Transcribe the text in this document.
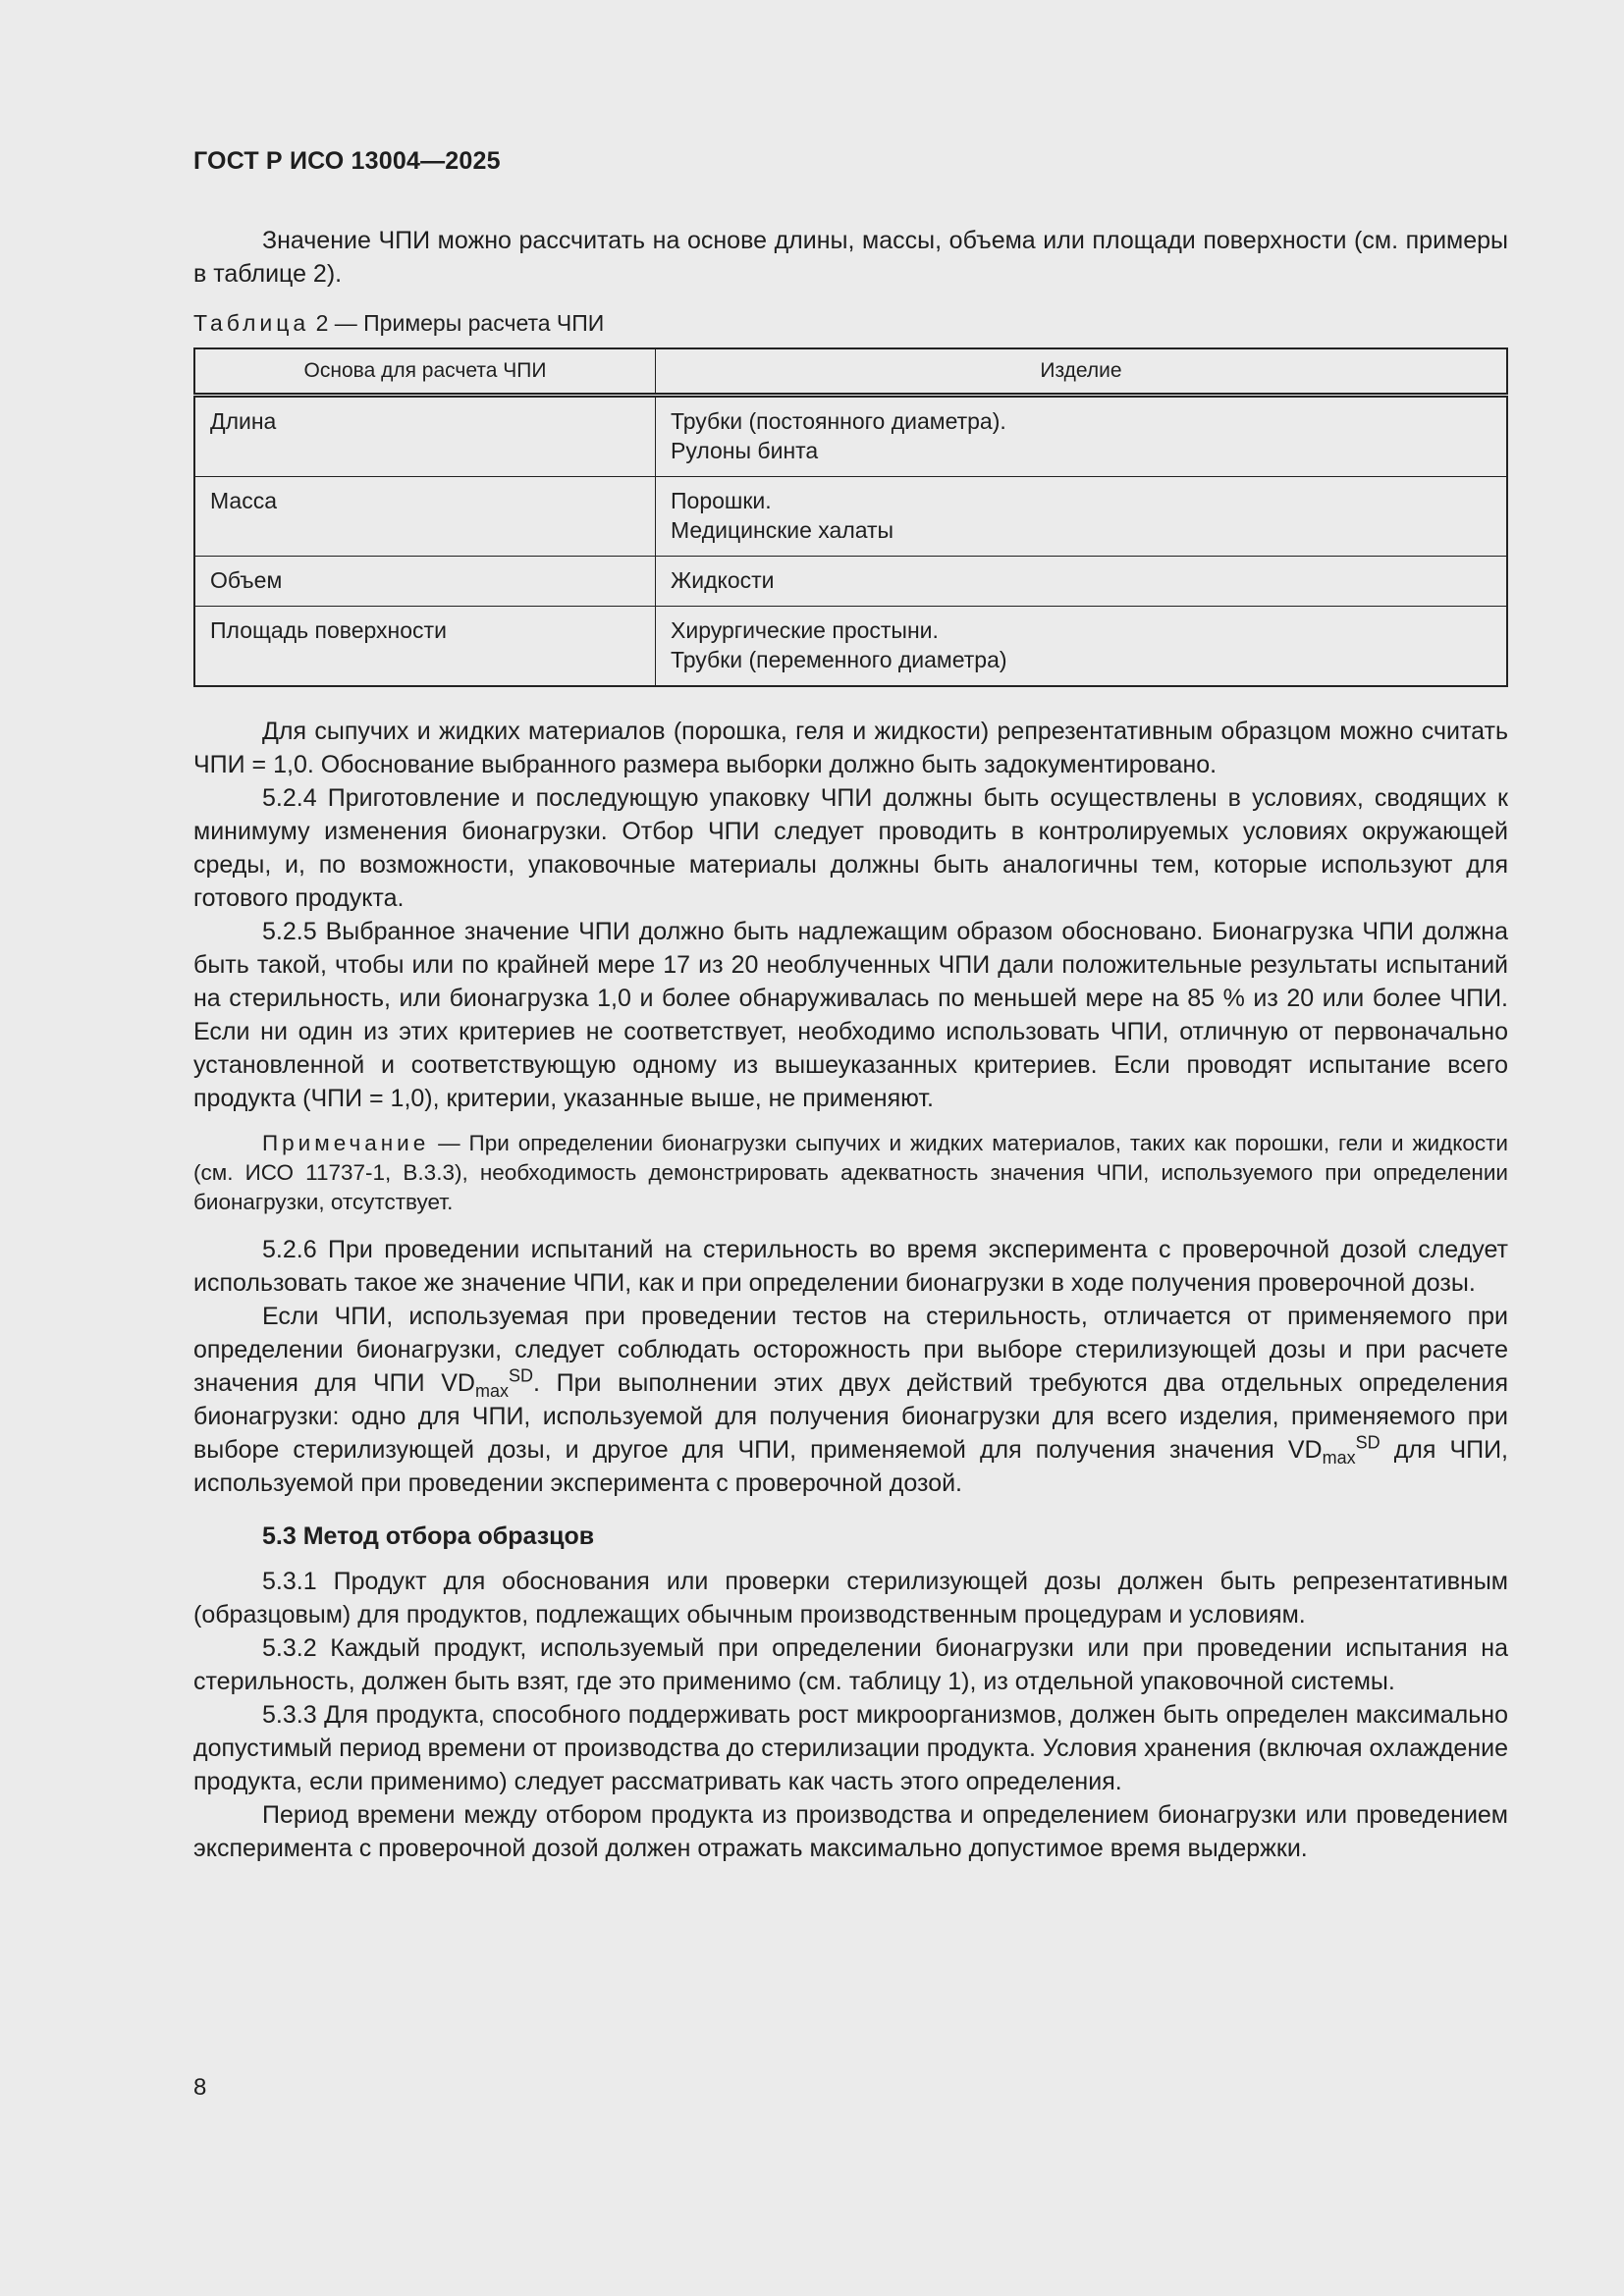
ГОСТ Р ИСО 13004—2025

Значение ЧПИ можно рассчитать на основе длины, массы, объема или площади поверхности (см. примеры в таблице 2).

Таблица 2 — Примеры расчета ЧПИ
Основа для расчета ЧПИ	Изделие
Длина	Трубки (постоянного диаметра).
Рулоны бинта

Масса	Порошки.
Медицинские халаты

Объем	Жидкости

Площадь поверхности	Хирургические простыни.
Трубки (переменного диаметра)

Для сыпучих и жидких материалов (порошка, геля и жидкости) репрезентативным образцом можно считать ЧПИ = 1,0. Обоснование выбранного размера выборки должно быть задокументировано.

5.2.4 Приготовление и последующую упаковку ЧПИ должны быть осуществлены в условиях, сводящих к минимуму изменения бионагрузки. Отбор ЧПИ следует проводить в контролируемых условиях окружающей среды, и, по возможности, упаковочные материалы должны быть аналогичны тем, которые используют для готового продукта.

5.2.5 Выбранное значение ЧПИ должно быть надлежащим образом обосновано. Бионагрузка ЧПИ должна быть такой, чтобы или по крайней мере 17 из 20 необлученных ЧПИ дали положительные результаты испытаний на стерильность, или бионагрузка 1,0 и более обнаруживалась по меньшей мере на 85 % из 20 или более ЧПИ. Если ни один из этих критериев не соответствует, необходимо использовать ЧПИ, отличную от первоначально установленной и соответствующую одному из вышеуказанных критериев. Если проводят испытание всего продукта (ЧПИ = 1,0), критерии, указанные выше, не применяют.

Примечание — При определении бионагрузки сыпучих и жидких материалов, таких как порошки, гели и жидкости (см. ИСО 11737-1, В.3.3), необходимость демонстрировать адекватность значения ЧПИ, используемого при определении бионагрузки, отсутствует.

5.2.6 При проведении испытаний на стерильность во время эксперимента с проверочной дозой следует использовать такое же значение ЧПИ, как и при определении бионагрузки в ходе получения проверочной дозы.

Если ЧПИ, используемая при проведении тестов на стерильность, отличается от применяемого при определении бионагрузки, следует соблюдать осторожность при выборе стерилизующей дозы и при расчете значения для ЧПИ $VD_{max}^{SD}$. При выполнении этих двух действий требуются два отдельных определения бионагрузки: одно для ЧПИ, используемой для получения бионагрузки для всего изделия, применяемого при выборе стерилизующей дозы, и другое для ЧПИ, применяемой для получения значения $VD_{max}^{SD}$ для ЧПИ, используемой при проведении эксперимента с проверочной дозой.

5.3 Метод отбора образцов

5.3.1 Продукт для обоснования или проверки стерилизующей дозы должен быть репрезентативным (образцовым) для продуктов, подлежащих обычным производственным процедурам и условиям.

5.3.2 Каждый продукт, используемый при определении бионагрузки или при проведении испытания на стерильность, должен быть взят, где это применимо (см. таблицу 1), из отдельной упаковочной системы.

5.3.3 Для продукта, способного поддерживать рост микроорганизмов, должен быть определен максимально допустимый период времени от производства до стерилизации продукта. Условия хранения (включая охлаждение продукта, если применимо) следует рассматривать как часть этого определения.

Период времени между отбором продукта из производства и определением бионагрузки или проведением эксперимента с проверочной дозой должен отражать максимально допустимое время выдержки.

8
